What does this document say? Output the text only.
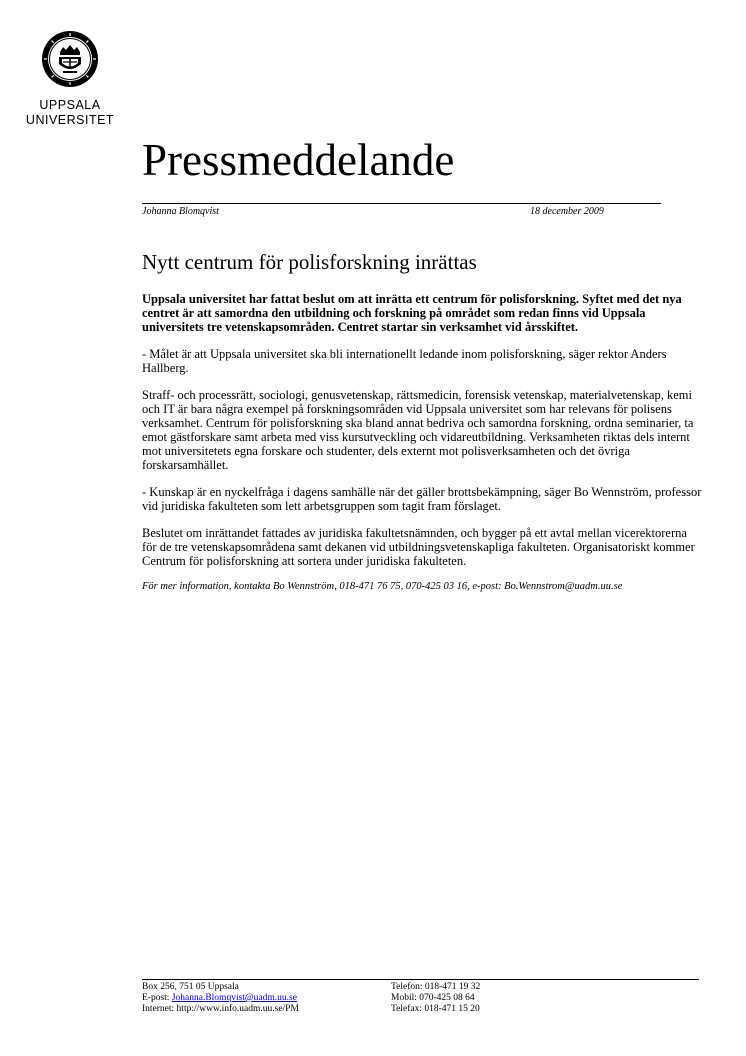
UPPSALA
UNIVERSITET
Pressmeddelande
Johanna Blomqvist	18 december 2009
Nytt centrum för polisforskning inrättas

Uppsala universitet har fattat beslut om att inrätta ett centrum för polisforskning. Syftet med det nya centret är att samordna den utbildning och forskning på området som redan finns vid Uppsala universitets tre vetenskapsområden. Centret startar sin verksamhet vid årsskiftet.

- Målet är att Uppsala universitet ska bli internationellt ledande inom polisforskning, säger rektor Anders Hallberg.

Straff- och processrätt, sociologi, genusvetenskap, rättsmedicin, forensisk vetenskap, materialvetenskap, kemi och IT är bara några exempel på forskningsområden vid Uppsala universitet som har relevans för polisens verksamhet. Centrum för polisforskning ska bland annat bedriva och samordna forskning, ordna seminarier, ta emot gästforskare samt arbeta med viss kursutveckling och vidareutbildning. Verksamheten riktas dels internt mot universitetets egna forskare och studenter, dels externt mot polisverksamheten och det övriga forskarsamhället.

- Kunskap är en nyckelfråga i dagens samhälle när det gäller brottsbekämpning, säger Bo Wennström, professor vid juridiska fakulteten som lett arbetsgruppen som tagit fram förslaget.

Beslutet om inrättandet fattades av juridiska fakultetsnämnden, och bygger på ett avtal mellan vicerektorerna för de tre vetenskapsområdena samt dekanen vid utbildningsvetenskapliga fakulteten. Organisatoriskt kommer Centrum för polisforskning att sortera under juridiska fakulteten.

För mer information, kontakta Bo Wennström, 018-471 76 75, 070-425 03 16, e-post: Bo.Wennstrom@uadm.uu.se

Box 256, 751 05 Uppsala
E-post: Johanna.Blomqvist@uadm.uu.se
Internet: http://www.info.uadm.uu.se/PM
Telefon: 018-471 19 32
Mobil: 070-425 08 64
Telefax: 018-471 15 20
